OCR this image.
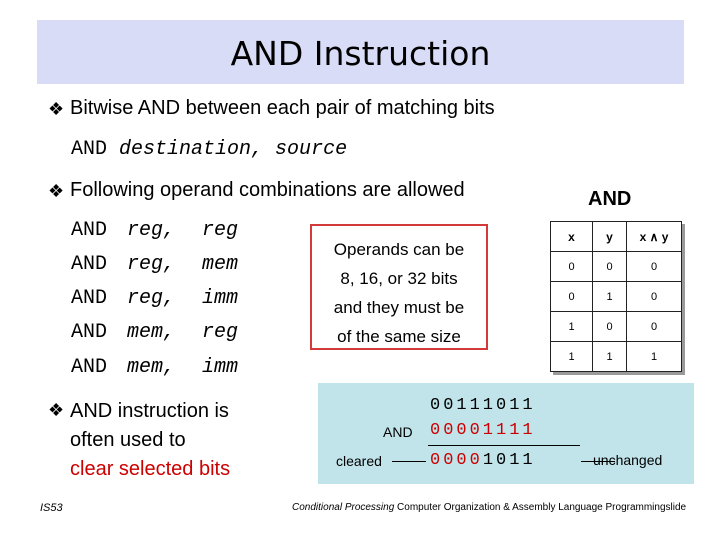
AND Instruction
❖ Bitwise AND between each pair of matching bits
AND destination, source
❖ Following operand combinations are allowed
AND reg, reg
AND reg, mem
AND reg, imm
AND mem, reg
AND mem, imm
Operands can be
8, 16, or 32 bits
and they must be
of the same size
AND
x	y	x ∧ y
0	0	0
0	1	0
1	0	0
1	1	1
❖ AND instruction is
often used to
clear selected bits
00111011
AND 00001111
cleared	00001011	unchanged
IS53	Conditional Processing Computer Organization & Assembly Language Programmingslide
